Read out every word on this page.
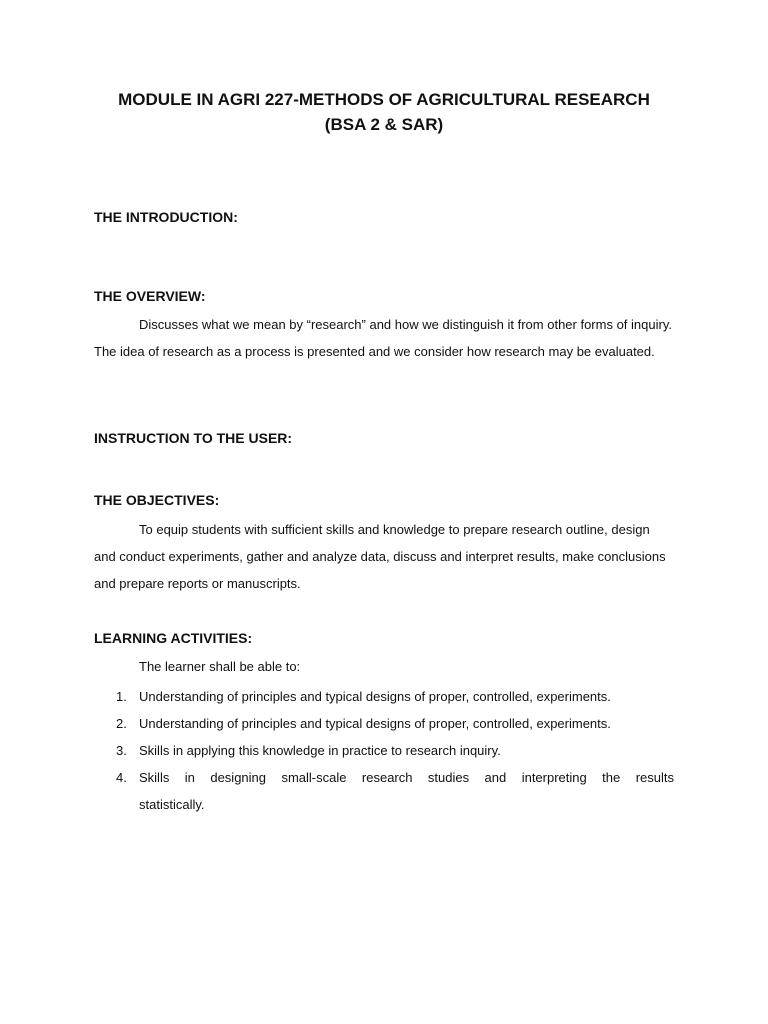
MODULE IN AGRI 227-METHODS OF AGRICULTURAL RESEARCH
(BSA 2 & SAR)
THE INTRODUCTION:
THE OVERVIEW:
Discusses what we mean by “research” and how we distinguish it from other forms of inquiry. The idea of research as a process is presented and we consider how research may be evaluated.
INSTRUCTION TO THE USER:
THE OBJECTIVES:
To equip students with sufficient skills and knowledge to prepare research outline, design and conduct experiments, gather and analyze data, discuss and interpret results, make conclusions and prepare reports or manuscripts.
LEARNING ACTIVITIES:
The learner shall be able to:
1. Understanding of principles and typical designs of proper, controlled, experiments.
2. Understanding of principles and typical designs of proper, controlled, experiments.
3. Skills in applying this knowledge in practice to research inquiry.
4. Skills in designing small-scale research studies and interpreting the results
statistically.
